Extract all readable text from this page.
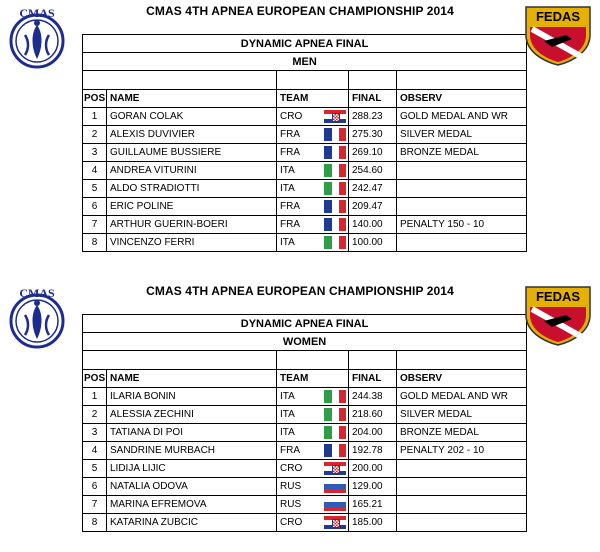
CMAS 4TH APNEA EUROPEAN CHAMPIONSHIP 2014
DYNAMIC APNEA FINAL					
MEN					

POS	NAME	TEAM		FINAL	OBSERV
1	GORAN COLAK	CRO		288.23	GOLD MEDAL AND WR
2	ALEXIS DUVIVIER	FRA		275.30	SILVER MEDAL
3	GUILLAUME BUSSIERE	FRA		269.10	BRONZE MEDAL
4	ANDREA VITURINI	ITA		254.60	
5	ALDO STRADIOTTI	ITA		242.47	
6	ERIC POLINE	FRA		209.47	
7	ARTHUR GUERIN-BOERI	FRA		140.00	PENALTY 150 - 10
8	VINCENZO FERRI	ITA		100.00	
CMAS	FEDAS
CMAS 4TH APNEA EUROPEAN CHAMPIONSHIP 2014
DYNAMIC APNEA FINAL					
WOMEN					

POS	NAME	TEAM		FINAL	OBSERV
1	ILARIA BONIN	ITA		244.38	GOLD MEDAL AND WR
2	ALESSIA ZECHINI	ITA		218.60	SILVER MEDAL
3	TATIANA DI POI	ITA		204.00	BRONZE MEDAL
4	SANDRINE MURBACH	FRA		192.78	PENALTY 202 - 10
5	LIDIJA LIJIC	CRO		200.00	
6	NATALIA ODOVA	RUS		129.00	
7	MARINA EFREMOVA	RUS		165.21	
8	KATARINA ZUBCIC	CRO		185.00	
CMAS	FEDAS
